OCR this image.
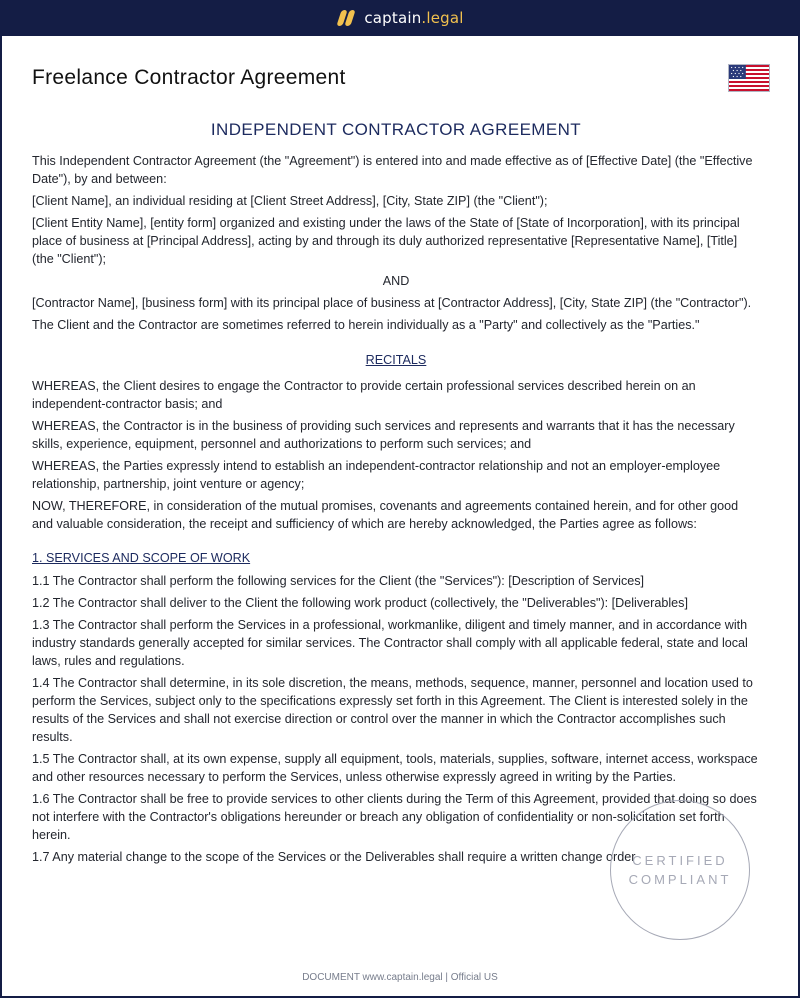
captain.legal
Freelance Contractor Agreement
INDEPENDENT CONTRACTOR AGREEMENT

This Independent Contractor Agreement (the "Agreement") is entered into and made effective as of [Effective Date] (the "Effective Date"), by and between:

[Client Name], an individual residing at [Client Street Address], [City, State ZIP] (the "Client");

[Client Entity Name], [entity form] organized and existing under the laws of the State of [State of Incorporation], with its principal place of business at [Principal Address], acting by and through its duly authorized representative [Representative Name], [Title] (the "Client");

AND

[Contractor Name], [business form] with its principal place of business at [Contractor Address], [City, State ZIP] (the "Contractor").

The Client and the Contractor are sometimes referred to herein individually as a "Party" and collectively as the "Parties."

RECITALS

WHEREAS, the Client desires to engage the Contractor to provide certain professional services described herein on an independent-contractor basis; and

WHEREAS, the Contractor is in the business of providing such services and represents and warrants that it has the necessary skills, experience, equipment, personnel and authorizations to perform such services; and

WHEREAS, the Parties expressly intend to establish an independent-contractor relationship and not an employer-employee relationship, partnership, joint venture or agency;

NOW, THEREFORE, in consideration of the mutual promises, covenants and agreements contained herein, and for other good and valuable consideration, the receipt and sufficiency of which are hereby acknowledged, the Parties agree as follows:

1. SERVICES AND SCOPE OF WORK

1.1 The Contractor shall perform the following services for the Client (the "Services"): [Description of Services]

1.2 The Contractor shall deliver to the Client the following work product (collectively, the "Deliverables"): [Deliverables]

1.3 The Contractor shall perform the Services in a professional, workmanlike, diligent and timely manner, and in accordance with industry standards generally accepted for similar services. The Contractor shall comply with all applicable federal, state and local laws, rules and regulations.

1.4 The Contractor shall determine, in its sole discretion, the means, methods, sequence, manner, personnel and location used to perform the Services, subject only to the specifications expressly set forth in this Agreement. The Client is interested solely in the results of the Services and shall not exercise direction or control over the manner in which the Contractor accomplishes such results.

1.5 The Contractor shall, at its own expense, supply all equipment, tools, materials, supplies, software, internet access, workspace and other resources necessary to perform the Services, unless otherwise expressly agreed in writing by the Parties.

1.6 The Contractor shall be free to provide services to other clients during the Term of this Agreement, provided that doing so does not interfere with the Contractor's obligations hereunder or breach any obligation of confidentiality or non-solicitation set forth herein.

1.7 Any material change to the scope of the Services or the Deliverables shall require a written change order

CERTIFIED
COMPLIANT
DOCUMENT www.captain.legal | Official US
